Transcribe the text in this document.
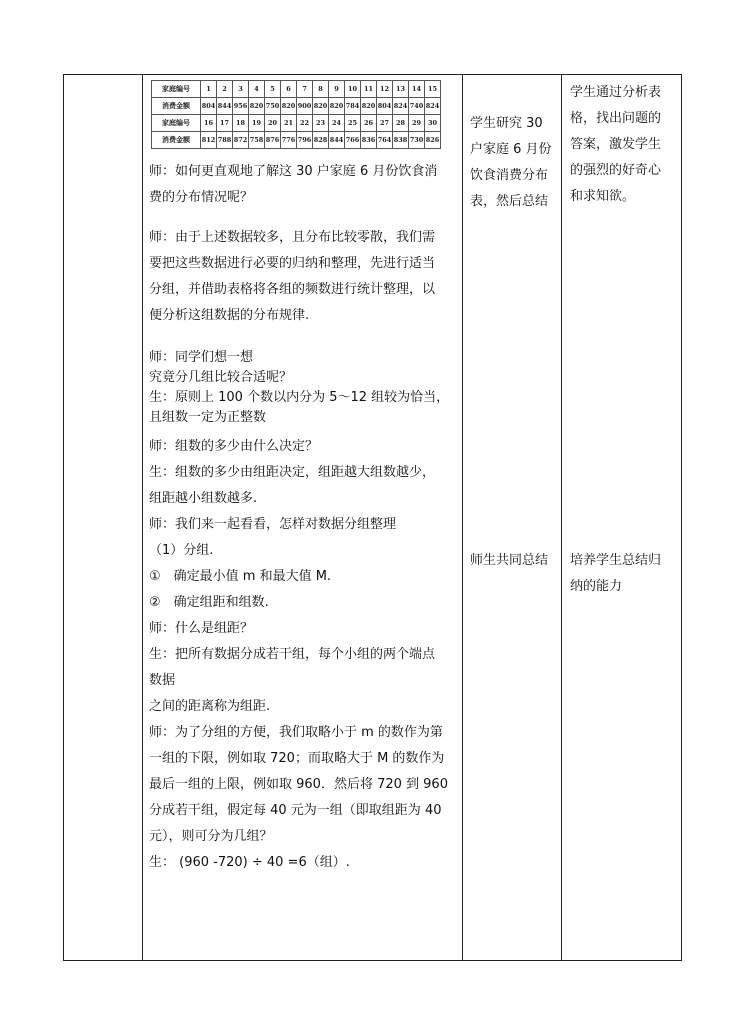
家庭编号	1	2	3	4	5	6	7	8	9	10	11	12	13	14	15
消费金额	804	844	956	820	750	820	900	820	820	784	820	804	824	740	824
家庭编号	16	17	18	19	20	21	22	23	24	25	26	27	28	29	30
消费金额	812	788	872	758	876	776	796	828	844	766	836	764	838	730	826
师：如何更直观地了解这 30 户家庭 6 月份饮食消
费的分布情况呢？
师：由于上述数据较多，且分布比较零散，我们需
要把这些数据进行必要的归纳和整理，先进行适当
分组，并借助表格将各组的频数进行统计整理，以
便分析这组数据的分布规律.
师：同学们想一想
究竟分几组比较合适呢？
生：原则上 100 个数以内分为 5～12 组较为恰当，
且组数一定为正整数
师：组数的多少由什么决定？
生：组数的多少由组距决定，组距越大组数越少，
组距越小组数越多.
师：我们来一起看看，怎样对数据分组整理
（1）分组.
①　确定最小值 m 和最大值 M.
②　确定组距和组数.
师：什么是组距？
生：把所有数据分成若干组，每个小组的两个端点
数据
之间的距离称为组距.
师：为了分组的方便，我们取略小于 m 的数作为第
一组的下限，例如取 720；而取略大于 M 的数作为
最后一组的上限，例如取 960．然后将 720 到 960
分成若干组，假定每 40 元为一组（即取组距为 40
元），则可分为几组？
生： (960 -720) ÷ 40 =6（组）.
学生研究 30
户家庭 6 月份
饮食消费分布
表，然后总结
师生共同总结
学生通过分析表
格，找出问题的
答案，激发学生
的强烈的好奇心
和求知欲。
培养学生总结归
纳的能力
